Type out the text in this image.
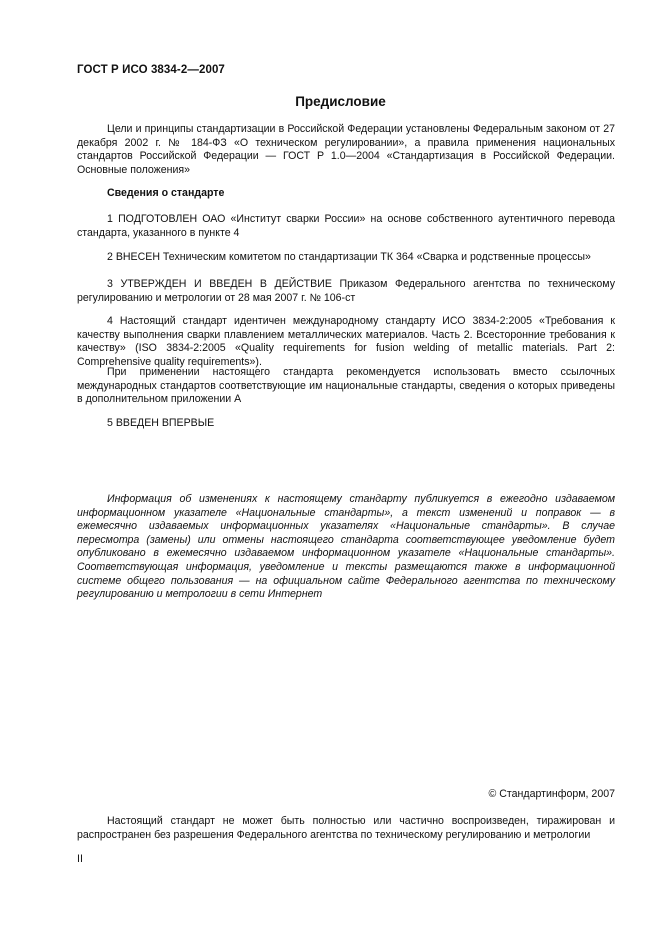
ГОСТ Р ИСО 3834-2—2007
Предисловие

Цели и принципы стандартизации в Российской Федерации установлены Федеральным законом от 27 декабря 2002 г. № 184-ФЗ «О техническом регулировании», а правила применения национальных стандартов Российской Федерации — ГОСТ Р 1.0—2004 «Стандартизация в Российской Федерации. Основные положения»

Сведения о стандарте

1 ПОДГОТОВЛЕН ОАО «Институт сварки России» на основе собственного аутентичного перевода стандарта, указанного в пункте 4

2 ВНЕСЕН Техническим комитетом по стандартизации ТК 364 «Сварка и родственные процессы»

3 УТВЕРЖДЕН И ВВЕДЕН В ДЕЙСТВИЕ Приказом Федерального агентства по техническому регулированию и метрологии от 28 мая 2007 г. № 106-ст

4 Настоящий стандарт идентичен международному стандарту ИСО 3834-2:2005 «Требования к качеству выполнения сварки плавлением металлических материалов. Часть 2. Всесторонние требования к качеству» (ISO 3834-2:2005 «Quality requirements for fusion welding of metallic materials. Part 2: Comprehensive quality requirements»).

При применении настоящего стандарта рекомендуется использовать вместо ссылочных международных стандартов соответствующие им национальные стандарты, сведения о которых приведены в дополнительном приложении А

5 ВВЕДЕН ВПЕРВЫЕ

Информация об изменениях к настоящему стандарту публикуется в ежегодно издаваемом информационном указателе «Национальные стандарты», а текст изменений и поправок — в ежемесячно издаваемых информационных указателях «Национальные стандарты». В случае пересмотра (замены) или отмены настоящего стандарта соответствующее уведомление будет опубликовано в ежемесячно издаваемом информационном указателе «Национальные стандарты». Соответствующая информация, уведомление и тексты размещаются также в информационной системе общего пользования — на официальном сайте Федерального агентства по техническому регулированию и метрологии в сети Интернет

© Стандартинформ, 2007

Настоящий стандарт не может быть полностью или частично воспроизведен, тиражирован и распространен без разрешения Федерального агентства по техническому регулированию и метрологии

II
